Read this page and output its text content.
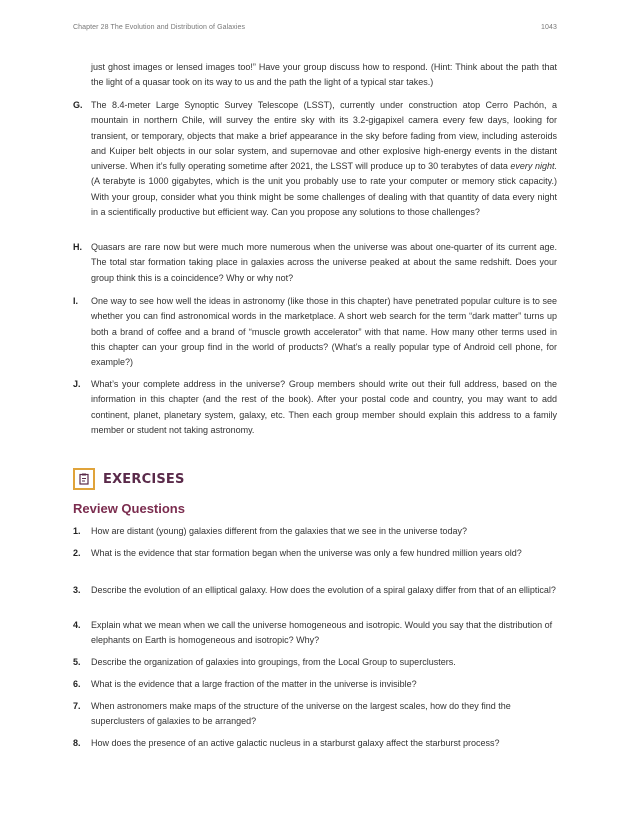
Chapter 28 The Evolution and Distribution of Galaxies	1043

just ghost images or lensed images too!” Have your group discuss how to respond. (Hint: Think about the path that the light of a quasar took on its way to us and the path the light of a typical star takes.)

G. The 8.4-meter Large Synoptic Survey Telescope (LSST), currently under construction atop Cerro Pachón, a mountain in northern Chile, will survey the entire sky with its 3.2-gigapixel camera every few days, looking for transient, or temporary, objects that make a brief appearance in the sky before fading from view, including asteroids and Kuiper belt objects in our solar system, and supernovae and other explosive high-energy events in the distant universe. When it’s fully operating sometime after 2021, the LSST will produce up to 30 terabytes of data every night. (A terabyte is 1000 gigabytes, which is the unit you probably use to rate your computer or memory stick capacity.) With your group, consider what you think might be some challenges of dealing with that quantity of data every night in a scientifically productive but efficient way. Can you propose any solutions to those challenges?

H. Quasars are rare now but were much more numerous when the universe was about one-quarter of its current age. The total star formation taking place in galaxies across the universe peaked at about the same redshift. Does your group think this is a coincidence? Why or why not?

I. One way to see how well the ideas in astronomy (like those in this chapter) have penetrated popular culture is to see whether you can find astronomical words in the marketplace. A short web search for the term “dark matter” turns up both a brand of coffee and a brand of “muscle growth accelerator” with that name. How many other terms used in this chapter can your group find in the world of products? (What’s a really popular type of Android cell phone, for example?)

J. What’s your complete address in the universe? Group members should write out their full address, based on the information in this chapter (and the rest of the book). After your postal code and country, you may want to add continent, planet, planetary system, galaxy, etc. Then each group member should explain this address to a family member or student not taking astronomy.

EXERCISES
Review Questions
1.	How are distant (young) galaxies different from the galaxies that we see in the universe today?
2.	What is the evidence that star formation began when the universe was only a few hundred million years old?
3.	Describe the evolution of an elliptical galaxy. How does the evolution of a spiral galaxy differ from that of an elliptical?
4.	Explain what we mean when we call the universe homogeneous and isotropic. Would you say that the distribution of elephants on Earth is homogeneous and isotropic? Why?
5.	Describe the organization of galaxies into groupings, from the Local Group to superclusters.
6.	What is the evidence that a large fraction of the matter in the universe is invisible?
7.	When astronomers make maps of the structure of the universe on the largest scales, how do they find the superclusters of galaxies to be arranged?
8.	How does the presence of an active galactic nucleus in a starburst galaxy affect the starburst process?
